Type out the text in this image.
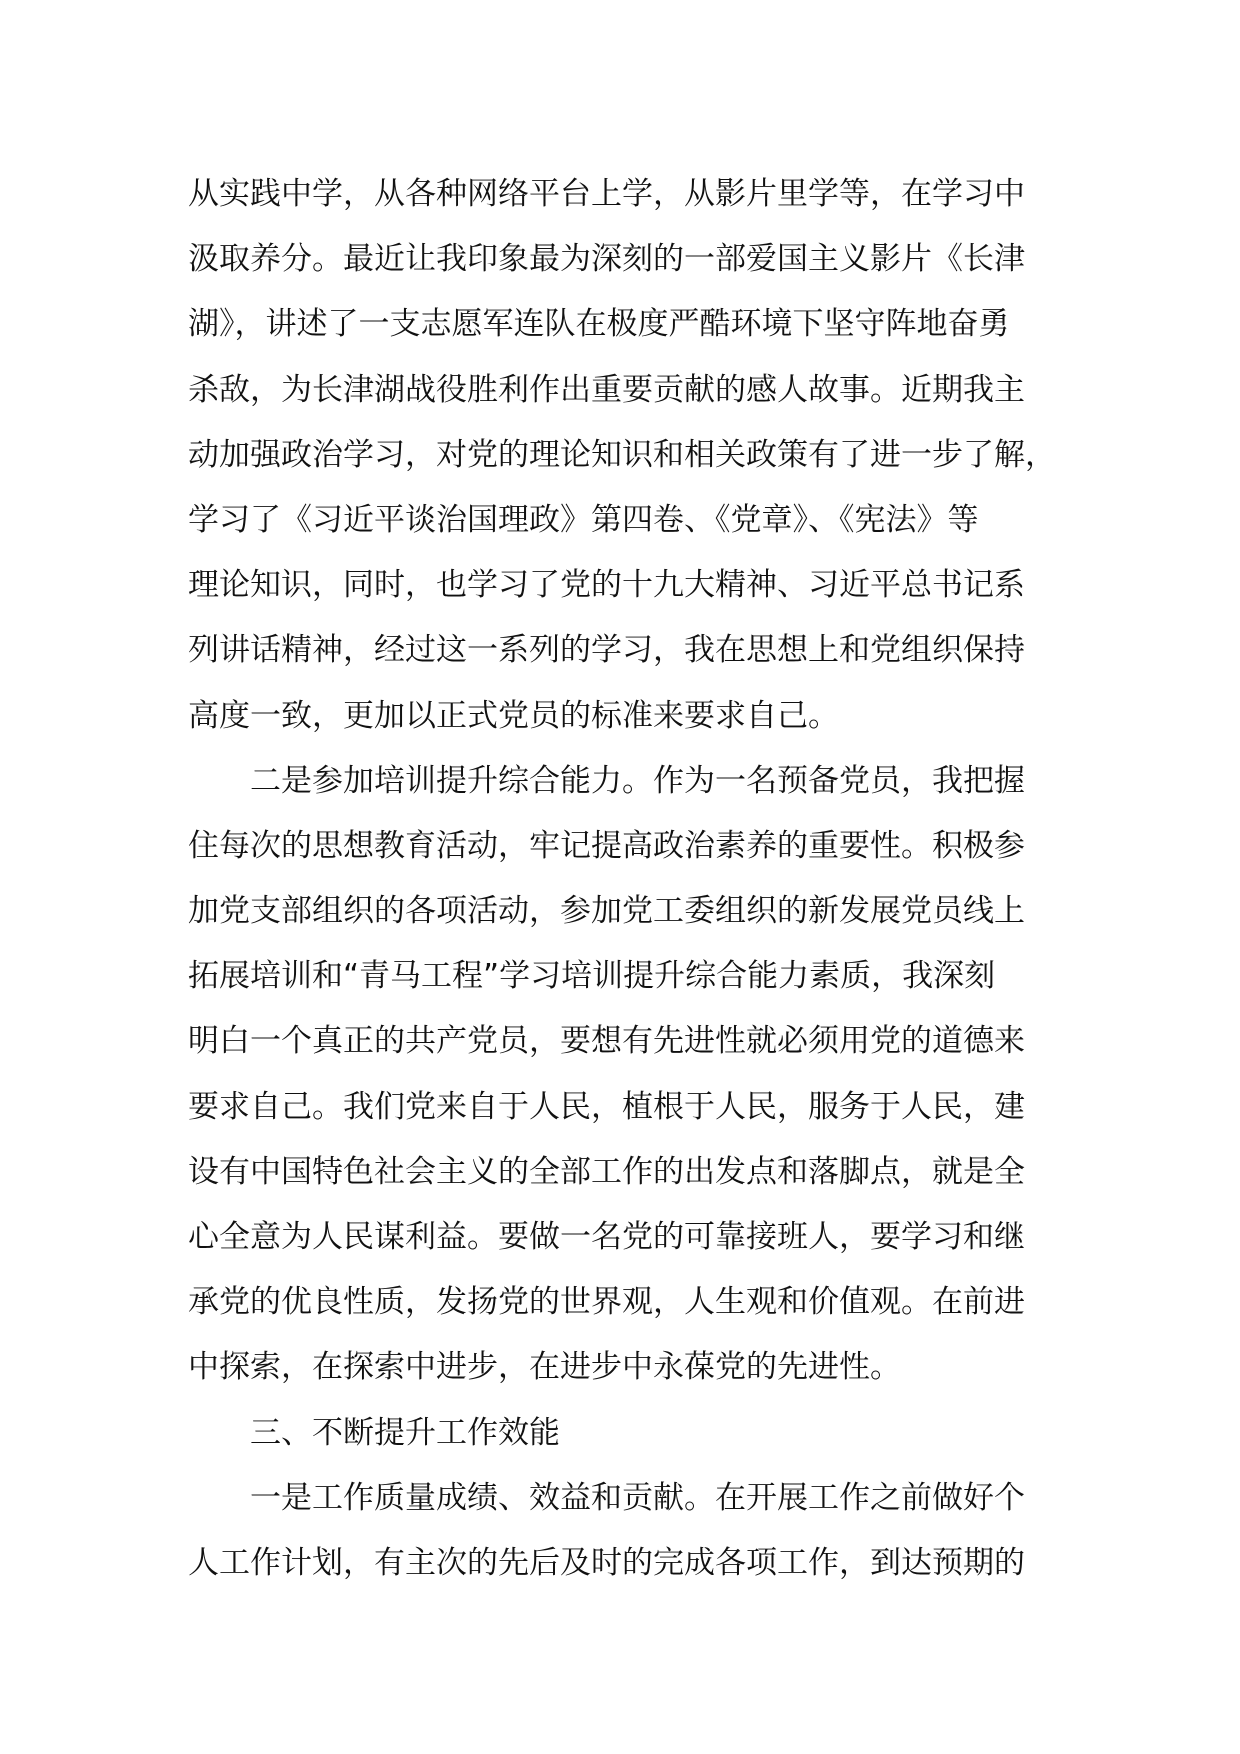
从实践中学，从各种网络平台上学，从影片里学等，在学习中
汲取养分。最近让我印象最为深刻的一部爱国主义影片《长津
湖》，讲述了一支志愿军连队在极度严酷环境下坚守阵地奋勇
杀敌，为长津湖战役胜利作出重要贡献的感人故事。近期我主
动加强政治学习，对党的理论知识和相关政策有了进一步了解，
学习了《习近平谈治国理政》第四卷、《党章》、《宪法》等
理论知识，同时，也学习了党的十九大精神、习近平总书记系
列讲话精神，经过这一系列的学习，我在思想上和党组织保持
高度一致，更加以正式党员的标准来要求自己。
二是参加培训提升综合能力。作为一名预备党员，我把握
住每次的思想教育活动，牢记提高政治素养的重要性。积极参
加党支部组织的各项活动，参加党工委组织的新发展党员线上
拓展培训和“青马工程”学习培训提升综合能力素质，我深刻
明白一个真正的共产党员，要想有先进性就必须用党的道德来
要求自己。我们党来自于人民，植根于人民，服务于人民，建
设有中国特色社会主义的全部工作的出发点和落脚点，就是全
心全意为人民谋利益。要做一名党的可靠接班人，要学习和继
承党的优良性质，发扬党的世界观，人生观和价值观。在前进
中探索，在探索中进步，在进步中永葆党的先进性。
三、不断提升工作效能
一是工作质量成绩、效益和贡献。在开展工作之前做好个
人工作计划，有主次的先后及时的完成各项工作，到达预期的
